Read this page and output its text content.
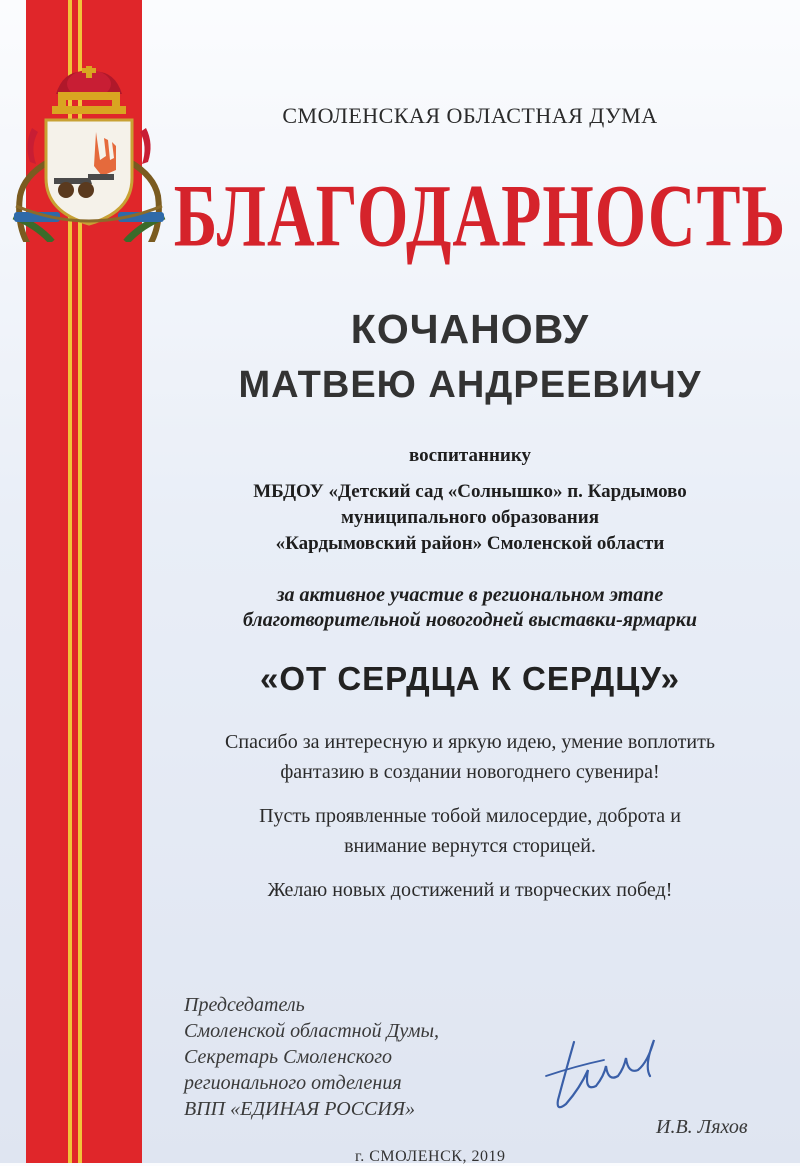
СМОЛЕНСКАЯ ОБЛАСТНАЯ ДУМА

БЛАГОДАРНОСТЬ

КОЧАНОВУ

МАТВЕЮ АНДРЕЕВИЧУ

воспитаннику

МБДОУ «Детский сад «Солнышко» п. Кардымово
муниципального образования
«Кардымовский район» Смоленской области
за активное участие в региональном этапе
благотворительной новогодней выставки-ярмарки

«ОТ СЕРДЦА К СЕРДЦУ»

Спасибо за интересную и яркую идею, умение воплотить
фантазию в создании новогоднего сувенира!
Пусть проявленные тобой милосердие, доброта и
внимание вернутся сторицей.
Желаю новых достижений и творческих побед!
Председатель
Смоленской областной Думы,
Секретарь Смоленского
регионального отделения
ВПП «ЕДИНАЯ РОССИЯ»

И.В. Ляхов

г. СМОЛЕНСК, 2019
